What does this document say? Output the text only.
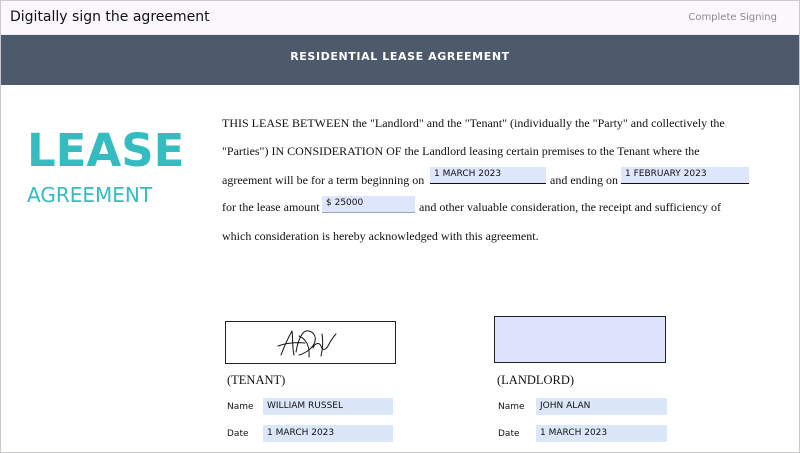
Digitally sign the agreement	Complete Signing
RESIDENTIAL LEASE AGREEMENT
LEASE
AGREEMENT
THIS LEASE BETWEEN the "Landlord" and the "Tenant" (individually the "Party" and collectively the
"Parties") IN CONSIDERATION OF the Landlord leasing certain premises to the Tenant where the
agreement will be for a term beginning on	1 MARCH 2023	and ending on 1 FEBRUARY 2023
for the lease amount $ 25000	and other valuable consideration, the receipt and sufficiency of
which consideration is hereby acknowledged with this agreement.
(TENANT)
Name	WILLIAM RUSSEL
Date	1 MARCH 2023
(LANDLORD)
Name	JOHN ALAN
Date	1 MARCH 2023
